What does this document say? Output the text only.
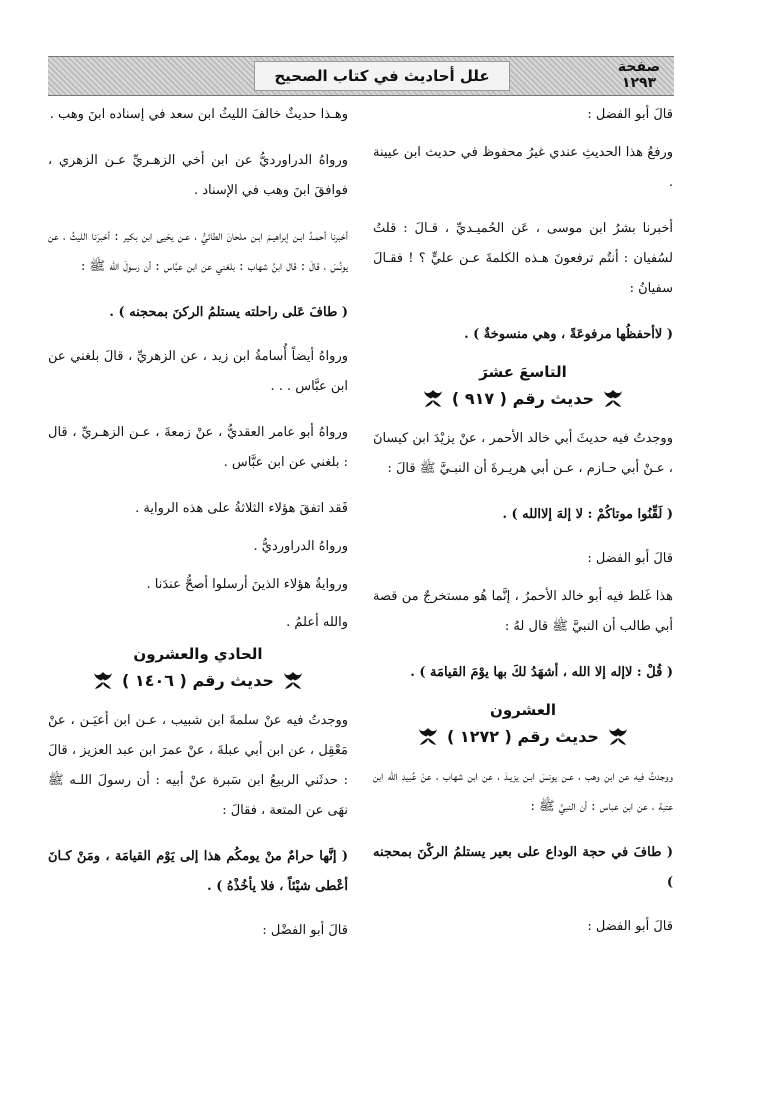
صفحة
١٢٩٣
علل أحاديث في كتاب الصحيح

قالَ أبو الفضل :

ورفعُ هذا الحديثِ عندي غيرُ محفوظ في حديث ابن عيينة .

أخبرنا بشرُ ابن موسى ، عَن الحُميـديِّ ، قـالَ : قلتُ لسُفيان : أنتُم ترفعونَ هـذه الكلمةَ عـن عليٍّ ؟ ! فقـالَ سفيانُ :

( لاأحفظُها مرفوعَةً ، وهي منسوخةٌ ) .

التاسعَ عشرَ
حديث رقم ( ٩١٧ )

ووجدتُ فيه حديثَ أبي خالد الأحمر ، عنْ يزيْدَ ابن كيسانَ ، عـنْ أبي حـازم ، عـن أبي هريـرةَ أن النبـيَّ ﷺ قالَ :

( لَقِّنُوا موتاكُمْ : لا إلهَ إلاالله ) .

قالَ أبو الفضل :

هذا غَلط فيه أبو خالد الأحمرُ ، إنَّما هُو مستخرجٌ من قصة أبي طالب أن النبيَّ ﷺ قال لهُ :

( قُلْ : لاإله إلا الله ، أشهَدُ لكَ بها يوْمَ القيامَة ) .

العشرون
حديث رقم ( ١٢٧٢ )

ووجدتُ فيه عن ابن وهب ، عـن يونسَ ابـن يزيـدَ ، عن ابن شهاب ، عنْ عُبيدِ الله ابن عتبة ، عن ابن عباس : أن النبيَّ ﷺ :

( طافَ في حجة الوداع على بعير يستلمُ الركْنَ بمحجنه )

قالَ أبو الفضل :

وهـذا حديثٌ خالفَ الليثُ ابن سعد في إسناده ابنَ وهب .

ورواهُ الدراورديُّ عن ابن أخي الزهـريِّ عـن الزهري ، فوافقَ ابنَ وهب في الإسناد .

أخبرنا أحمـدُ ابـن إبراهيـمَ ابـن ملحانَ الطائيُّ ، عـن يحْيى ابن بكير : أخبرَنا الليثُ ، عن يونُسَ ، قالَ : قال ابنُ شهاب : بلغني عن ابن عبَّاس : أن رسولَ الله ﷺ :

( طافَ عَلى راحلته يستلمُ الركنَ بمحجنه ) .

ورواهُ أيضاً أُسامةُ ابن زيد ، عن الزهريِّ ، قالَ بلغني عن ابن عبَّاس . . .

ورواهُ أبو عامر العقديُّ ، عنْ زمعةَ ، عـن الزهـريِّ ، قال : بلغني عن ابن عبَّاس .

فَقد اتفقَ هؤلاء الثلاثةُ على هذه الرواية .

ورواهُ الدراورديُّ .

وروايةُ هؤلاء الذينَ أرسلوا أصحُّ عندَنا .

والله أعلمُ .

الحادي والعشرون
حديث رقم ( ١٤٠٦ )

ووجدتُ فيه عنْ سلمةَ ابن شبيب ، عـن ابن أعيَـن ، عنْ مَعْقِل ، عن ابن أبي عبلةَ ، عنْ عمرَ ابن عبد العزيز ، قالَ : حدثَني الربيعُ ابن سَبرة عنْ أبيه : أن رسولَ اللـه ﷺ نهَى عن المتعة ، فقالَ :

( إنَّها حرامٌ منْ يومكُم هذا إلى يَوْم القيامَة ، ومَنْ كـانَ أعْطى شيْئاً ، فلا يأخُذْهُ ) .

قالَ أبو الفضْل :
